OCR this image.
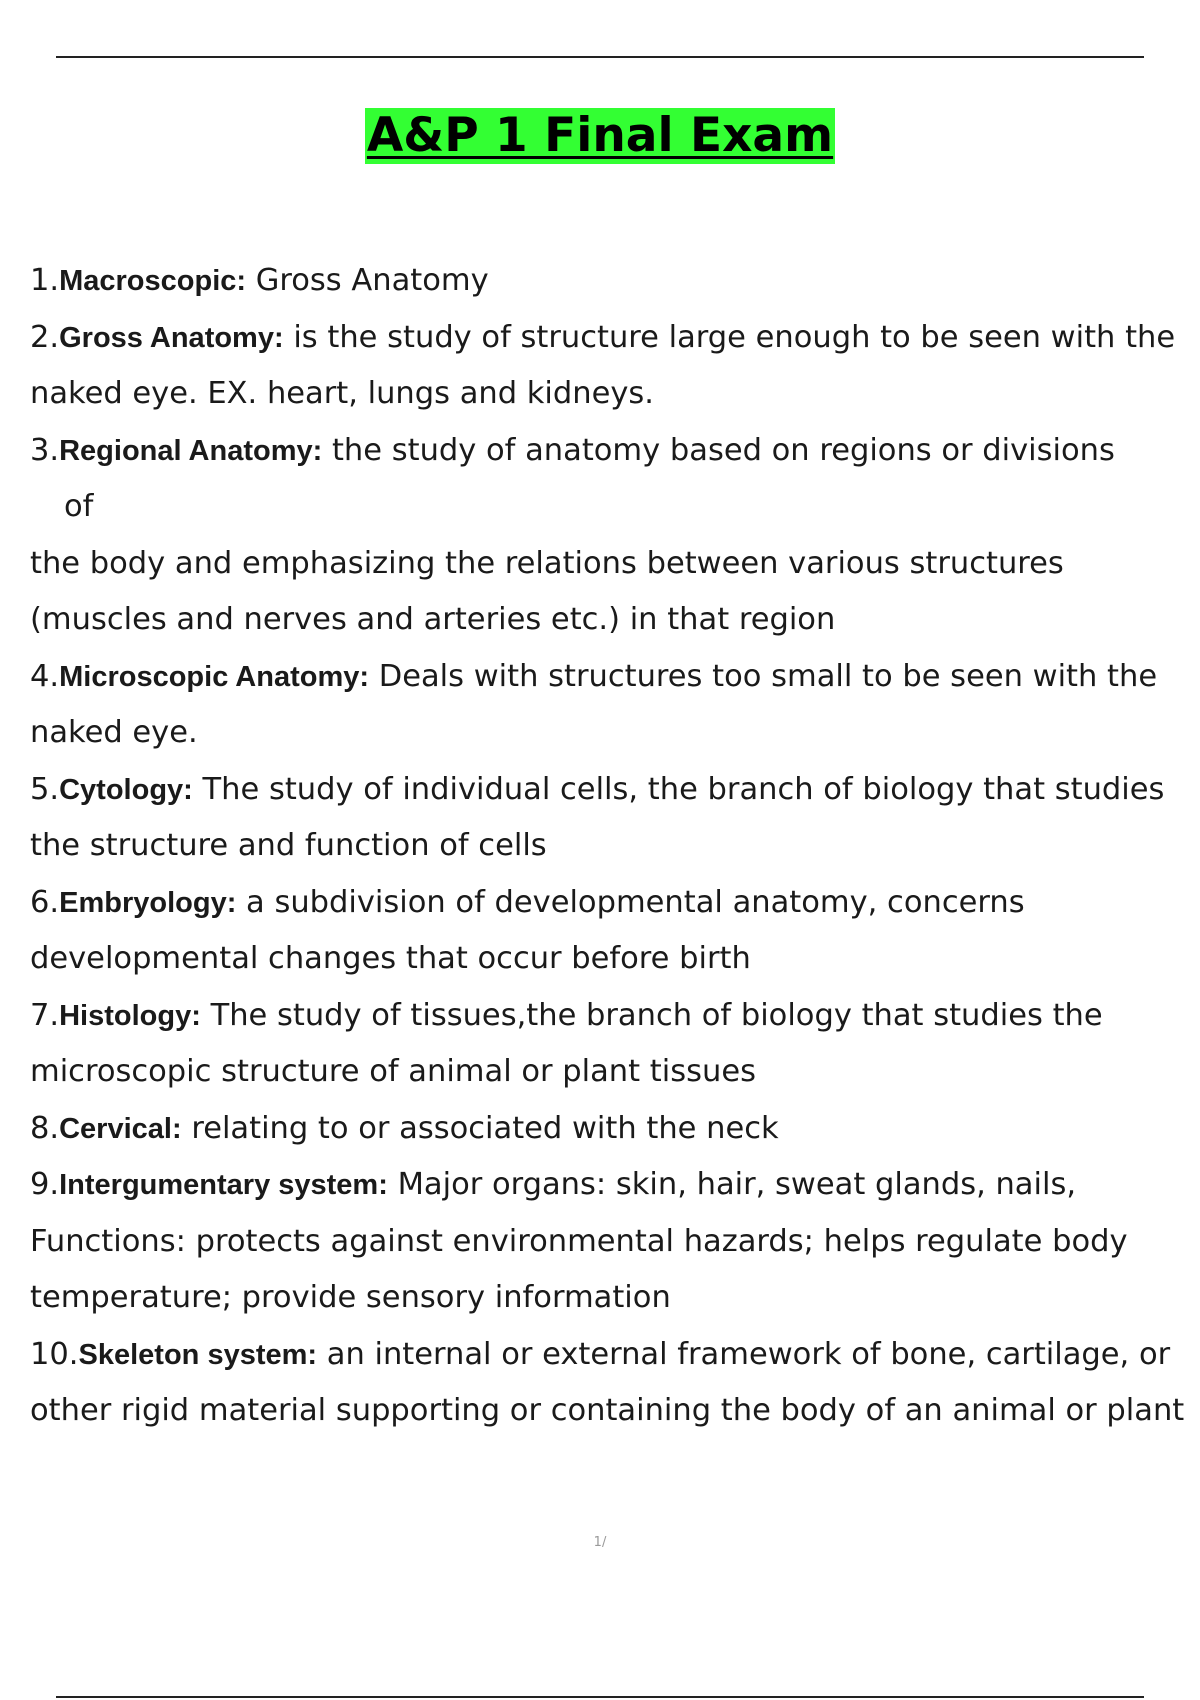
A&P 1 Final Exam

1.Macroscopic: Gross Anatomy

2.Gross Anatomy: is the study of structure large enough to be seen with the naked eye. EX. heart, lungs and kidneys.

3.Regional Anatomy: the study of anatomy based on regions or divisions
of
the body and emphasizing the relations between various structures (muscles and nerves and arteries etc.) in that region

4.Microscopic Anatomy: Deals with structures too small to be seen with the naked eye.

5.Cytology: The study of individual cells, the branch of biology that studies the structure and function of cells

6.Embryology: a subdivision of developmental anatomy, concerns developmental changes that occur before birth

7.Histology: The study of tissues,the branch of biology that studies the microscopic structure of animal or plant tissues

8.Cervical: relating to or associated with the neck

9.Intergumentary system: Major organs: skin, hair, sweat glands, nails, Functions: protects against environmental hazards; helps regulate body temperature; provide sensory information

10.Skeleton system: an internal or external framework of bone, cartilage, or other rigid material supporting or containing the body of an animal or plant

1/
